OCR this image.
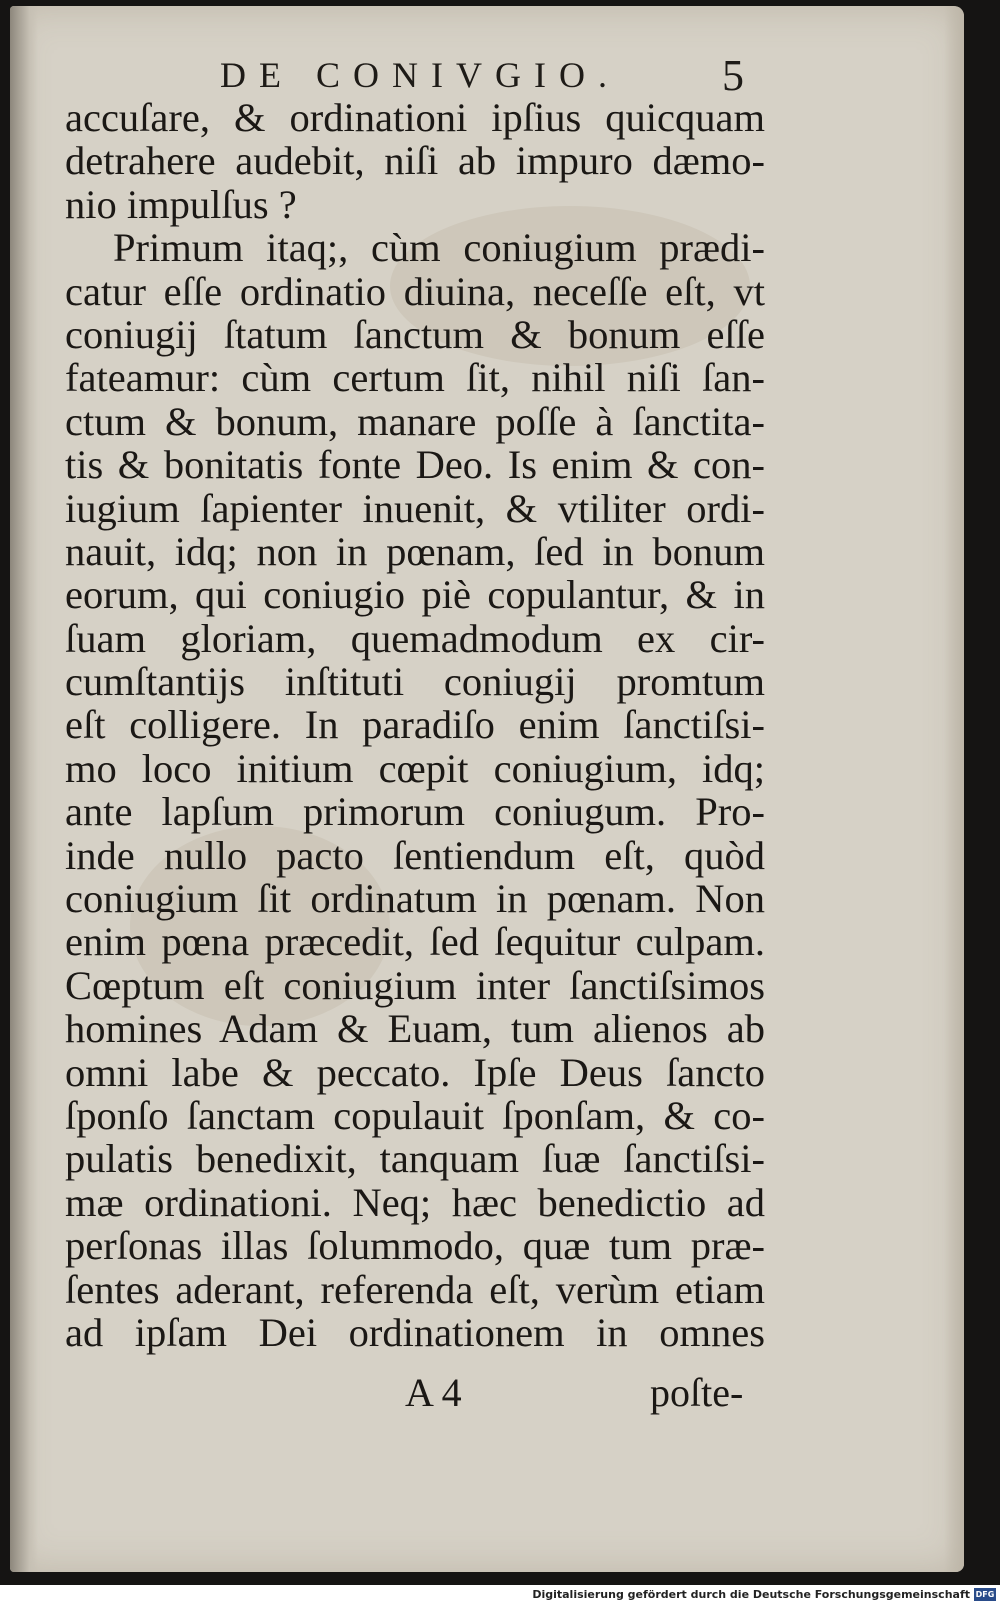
DE CONIVGIO. 5
accuſare, & ordinationi ipſius quicquam
detrahere audebit, niſi ab impuro dæmo-
nio impulſus ?
Primum itaq;, cùm coniugium prædi-
catur eſſe ordinatio diuina, neceſſe eſt, vt
coniugij ſtatum ſanctum & bonum eſſe
fateamur: cùm certum ſit, nihil niſi ſan-
ctum & bonum, manare poſſe à ſanctita-
tis & bonitatis fonte Deo. Is enim & con-
iugium ſapienter inuenit, & vtiliter ordi-
nauit, idq; non in pœnam, ſed in bonum
eorum, qui coniugio piè copulantur, & in
ſuam gloriam, quemadmodum ex cir-
cumſtantijs inſtituti coniugij promtum
eſt colligere. In paradiſo enim ſanctiſsi-
mo loco initium cœpit coniugium, idq;
ante lapſum primorum coniugum. Pro-
inde nullo pacto ſentiendum eſt, quòd
coniugium ſit ordinatum in pœnam. Non
enim pœna præcedit, ſed ſequitur culpam.
Cœptum eſt coniugium inter ſanctiſsimos
homines Adam & Euam, tum alienos ab
omni labe & peccato. Ipſe Deus ſancto
ſponſo ſanctam copulauit ſponſam, & co-
pulatis benedixit, tanquam ſuæ ſanctiſsi-
mæ ordinationi. Neq; hæc benedictio ad
perſonas illas ſolummodo, quæ tum præ-
ſentes aderant, referenda eſt, verùm etiam
ad ipſam Dei ordinationem in omnes
A 4	poſte-
Digitalisierung gefördert durch die Deutsche Forschungsgemeinschaft DFG
